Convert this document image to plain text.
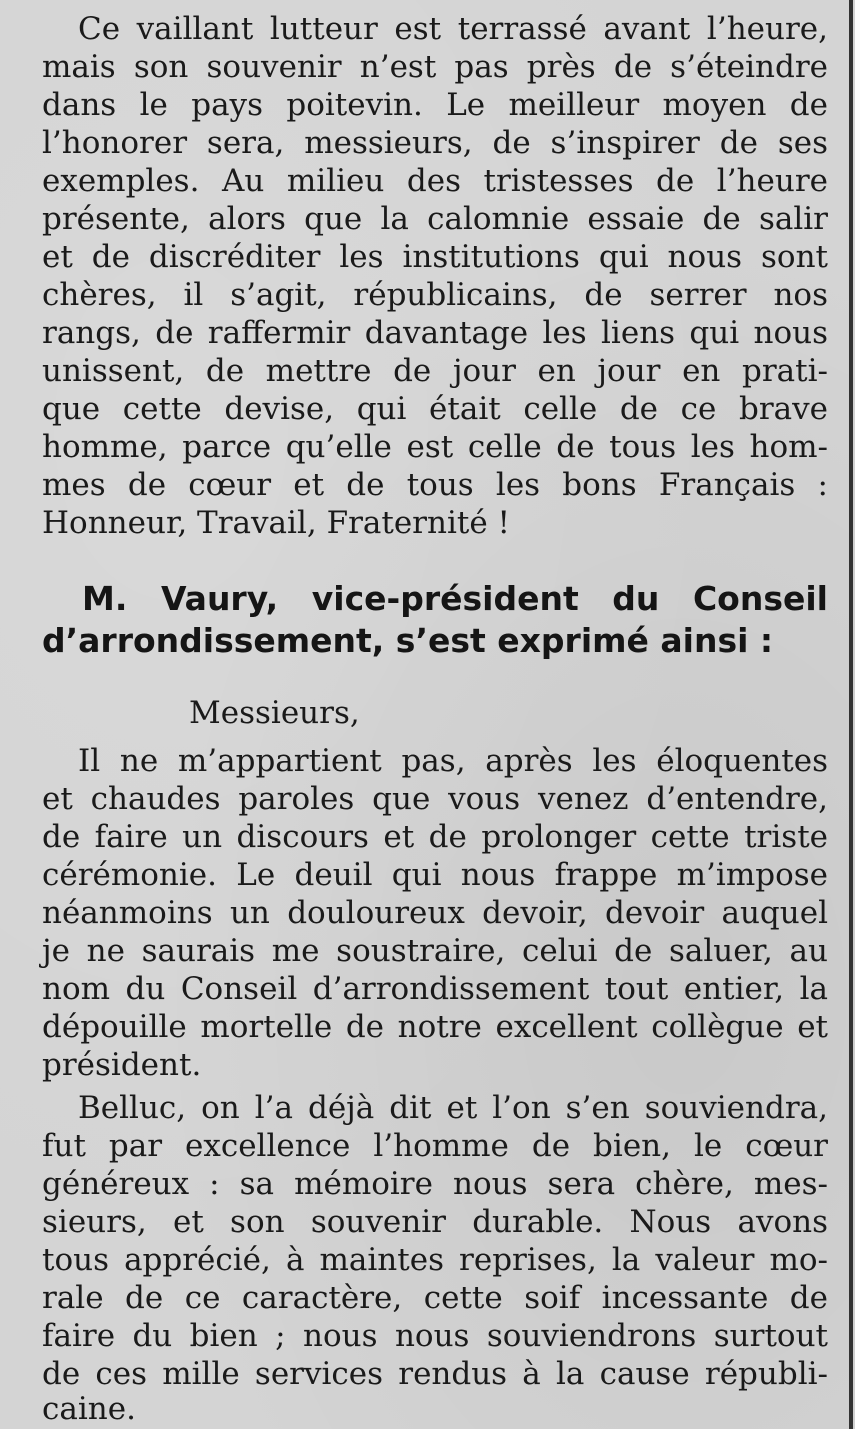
Ce vaillant lutteur est terrassé avant l’heure,
mais son souvenir n’est pas près de s’éteindre
dans le pays poitevin. Le meilleur moyen de
l’honorer sera, messieurs, de s’inspirer de ses
exemples. Au milieu des tristesses de l’heure
présente, alors que la calomnie essaie de salir
et de discréditer les institutions qui nous sont
chères, il s’agit, républicains, de serrer nos
rangs, de raffermir davantage les liens qui nous
unissent, de mettre de jour en jour en prati-
que cette devise, qui était celle de ce brave
homme, parce qu’elle est celle de tous les hom-
mes de cœur et de tous les bons Français :
Honneur, Travail, Fraternité !
M. Vaury, vice-président du Conseil
d’arrondissement, s’est exprimé ainsi :
Messieurs,
Il ne m’appartient pas, après les éloquentes
et chaudes paroles que vous venez d’entendre,
de faire un discours et de prolonger cette triste
cérémonie. Le deuil qui nous frappe m’impose
néanmoins un douloureux devoir, devoir auquel
je ne saurais me soustraire, celui de saluer, au
nom du Conseil d’arrondissement tout entier, la
dépouille mortelle de notre excellent collègue et
président.
Belluc, on l’a déjà dit et l’on s’en souviendra,
fut par excellence l’homme de bien, le cœur
généreux : sa mémoire nous sera chère, mes-
sieurs, et son souvenir durable. Nous avons
tous apprécié, à maintes reprises, la valeur mo-
rale de ce caractère, cette soif incessante de
faire du bien ; nous nous souviendrons surtout
de ces mille services rendus à la cause républi-
caine.
